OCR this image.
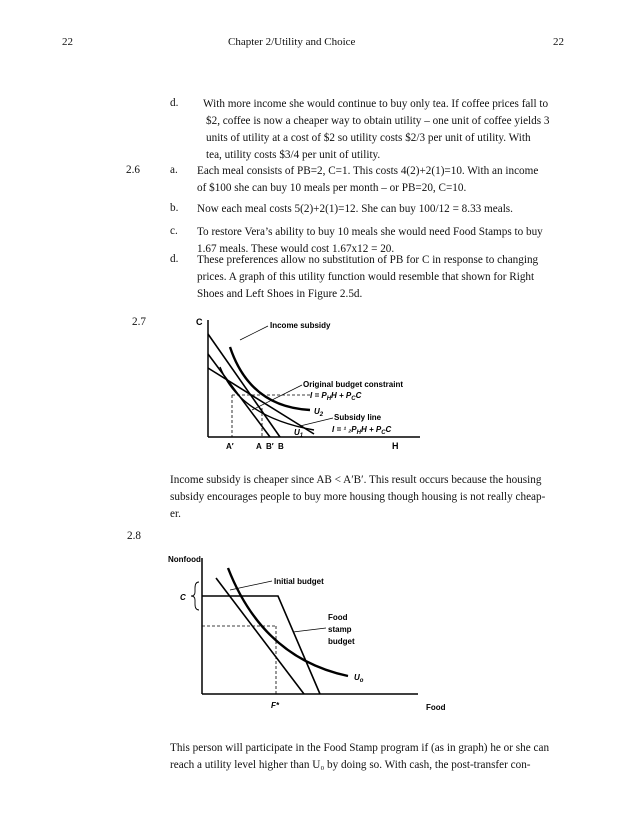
22	Chapter 2/Utility and Choice	22
d. With more income she would continue to buy only tea. If coffee prices fall to
$2, coffee is now a cheaper way to obtain utility – one unit of coffee yields 3
units of utility at a cost of $2 so utility costs $2/3 per unit of utility. With
tea, utility costs $3/4 per unit of utility.
2.6	a. Each meal consists of PB=2, C=1. This costs 4(2)+2(1)=10. With an income
of $100 she can buy 10 meals per month – or PB=20, C=10.
b. Now each meal costs 5(2)+2(1)=12. She can buy 100/12 = 8.33 meals.
c. To restore Vera’s ability to buy 10 meals she would need Food Stamps to buy
1.67 meals. These would cost 1.67x12 = 20.
d. These preferences allow no substitution of PB for C in response to changing
prices. A graph of this utility function would resemble that shown for Right
Shoes and Left Shoes in Figure 2.5d.
2.7	C
H
Income subsidy
Original budget constraint
$I = P_HH + P_CC$
$U_2$ Subsidy line
I = ¹ $_2P_HH + P_CC$
$U_1$
A′	A B′ B
Income subsidy is cheaper since AB < A′B′. This result occurs because the housing
subsidy encourages people to buy more housing though housing is not really cheap-
er.
2.8
Nonfood
Food
C
Initial budget
Food
stamp
budget
$U_o$
F*
This person will participate in the Food Stamp program if (as in graph) he or she can
reach a utility level higher than U₀ by doing so. With cash, the post-transfer con-
